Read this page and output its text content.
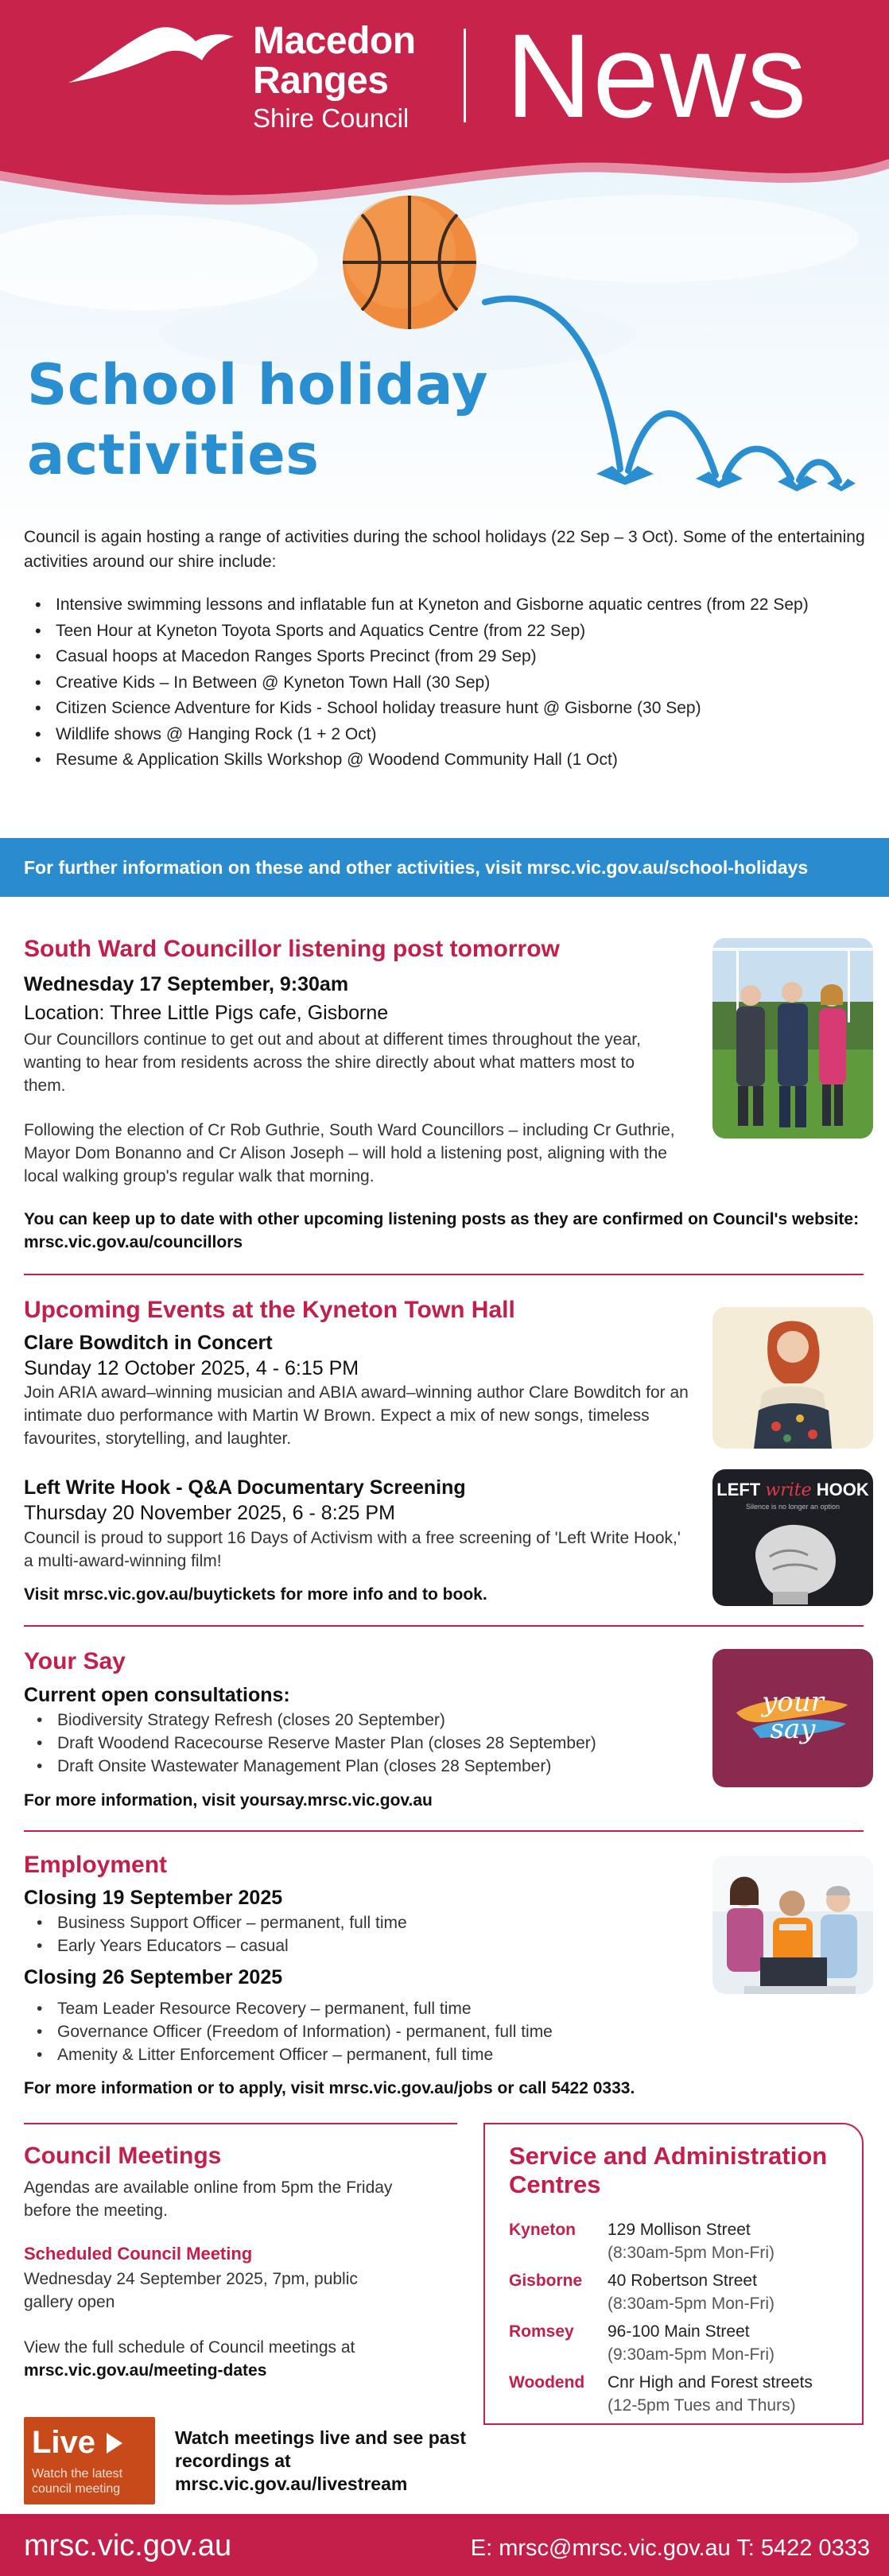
Macedon
Ranges
Shire Council News
School holiday
activities
Council is again hosting a range of activities during the school holidays (22 Sep – 3 Oct). Some of the entertaining activities around our shire include:
• Intensive swimming lessons and inflatable fun at Kyneton and Gisborne aquatic centres (from 22 Sep)
• Teen Hour at Kyneton Toyota Sports and Aquatics Centre (from 22 Sep)
• Casual hoops at Macedon Ranges Sports Precinct (from 29 Sep)
• Creative Kids – In Between @ Kyneton Town Hall (30 Sep)
• Citizen Science Adventure for Kids - School holiday treasure hunt @ Gisborne (30 Sep)
• Wildlife shows @ Hanging Rock (1 + 2 Oct)
• Resume & Application Skills Workshop @ Woodend Community Hall (1 Oct)
For further information on these and other activities, visit mrsc.vic.gov.au/school-holidays
South Ward Councillor listening post tomorrow
Wednesday 17 September, 9:30am
Location: Three Little Pigs cafe, Gisborne
Our Councillors continue to get out and about at different times throughout the year, wanting to hear from residents across the shire directly about what matters most to them.
Following the election of Cr Rob Guthrie, South Ward Councillors – including Cr Guthrie, Mayor Dom Bonanno and Cr Alison Joseph – will hold a listening post, aligning with the local walking group's regular walk that morning.
You can keep up to date with other upcoming listening posts as they are confirmed on Council's website: mrsc.vic.gov.au/councillors
Upcoming Events at the Kyneton Town Hall
Clare Bowditch in Concert
Sunday 12 October 2025, 4 - 6:15 PM
Join ARIA award–winning musician and ABIA award–winning author Clare Bowditch for an intimate duo performance with Martin W Brown. Expect a mix of new songs, timeless favourites, storytelling, and laughter.
Left Write Hook - Q&A Documentary Screening
Thursday 20 November 2025, 6 - 8:25 PM
Council is proud to support 16 Days of Activism with a free screening of 'Left Write Hook,' a multi-award-winning film!
Visit mrsc.vic.gov.au/buytickets for more info and to book.
LEFT write HOOK
Silence is no longer an option
Your Say
Current open consultations:
• Biodiversity Strategy Refresh (closes 20 September)
• Draft Woodend Racecourse Reserve Master Plan (closes 28 September)
• Draft Onsite Wastewater Management Plan (closes 28 September)
For more information, visit yoursay.mrsc.vic.gov.au
your
say
Employment
Closing 19 September 2025
• Business Support Officer – permanent, full time
• Early Years Educators – casual
Closing 26 September 2025
• Team Leader Resource Recovery – permanent, full time
• Governance Officer (Freedom of Information) - permanent, full time
• Amenity & Litter Enforcement Officer – permanent, full time
For more information or to apply, visit mrsc.vic.gov.au/jobs or call 5422 0333.
Council Meetings
Agendas are available online from 5pm the Friday before the meeting.
Scheduled Council Meeting
Wednesday 24 September 2025, 7pm, public gallery open
View the full schedule of Council meetings at
mrsc.vic.gov.au/meeting-dates
Live
Watch the latest council meeting
Watch meetings live and see past recordings at mrsc.vic.gov.au/livestream
Service and Administration Centres
Kyneton 129 Mollison Street
(8:30am-5pm Mon-Fri)
Gisborne 40 Robertson Street
(8:30am-5pm Mon-Fri)
Romsey 96-100 Main Street
(9:30am-5pm Mon-Fri)
Woodend Cnr High and Forest streets
(12-5pm Tues and Thurs)
mrsc.vic.gov.au	E: mrsc@mrsc.vic.gov.au T: 5422 0333
